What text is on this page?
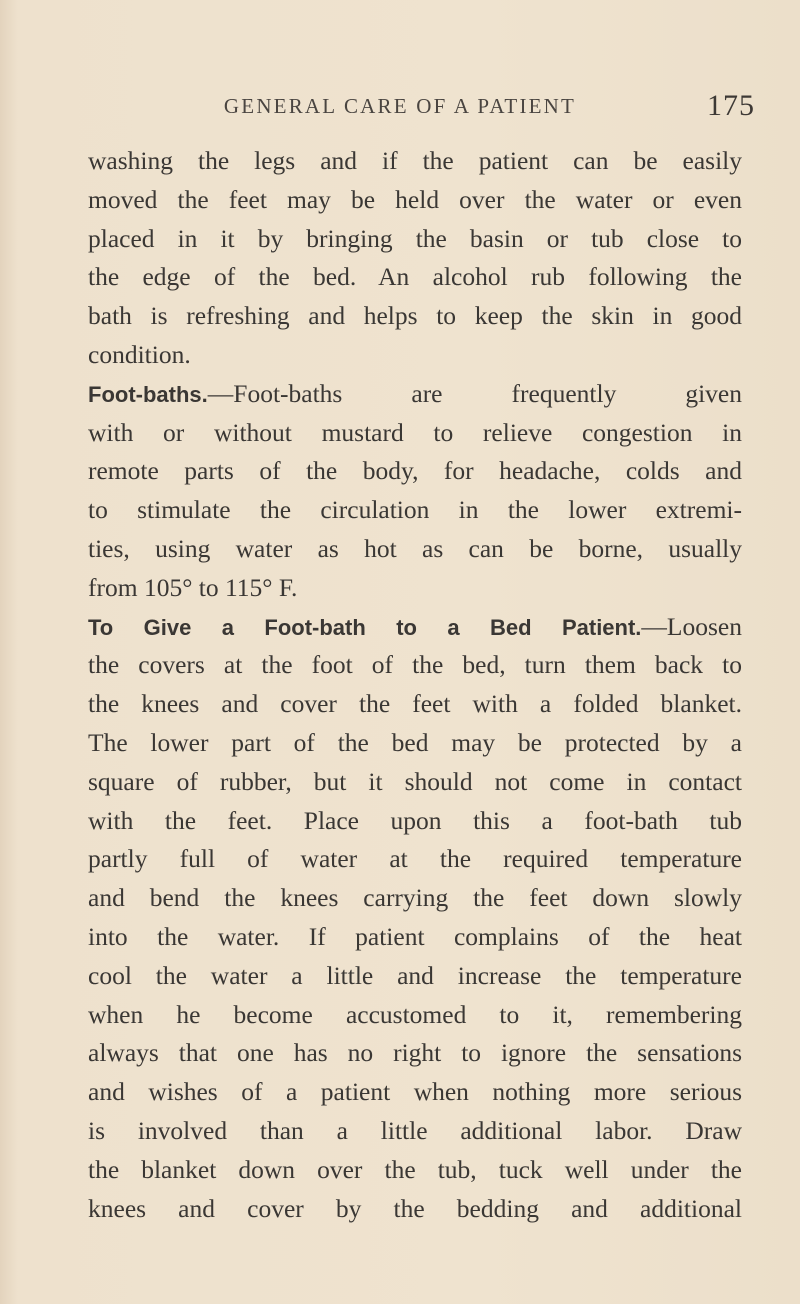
GENERAL CARE OF A PATIENT	175
washing the legs and if the patient can be easily
moved the feet may be held over the water or even
placed in it by bringing the basin or tub close to
the edge of the bed. An alcohol rub following the
bath is refreshing and helps to keep the skin in good
condition.
Foot-baths.—Foot-baths are frequently given
with or without mustard to relieve congestion in
remote parts of the body, for headache, colds and
to stimulate the circulation in the lower extremi-
ties, using water as hot as can be borne, usually
from 105° to 115° F.
To Give a Foot-bath to a Bed Patient.—Loosen
the covers at the foot of the bed, turn them back to
the knees and cover the feet with a folded blanket.
The lower part of the bed may be protected by a
square of rubber, but it should not come in contact
with the feet. Place upon this a foot-bath tub
partly full of water at the required temperature
and bend the knees carrying the feet down slowly
into the water. If patient complains of the heat
cool the water a little and increase the temperature
when he become accustomed to it, remembering
always that one has no right to ignore the sensations
and wishes of a patient when nothing more serious
is involved than a little additional labor. Draw
the blanket down over the tub, tuck well under the
knees and cover by the bedding and additional
